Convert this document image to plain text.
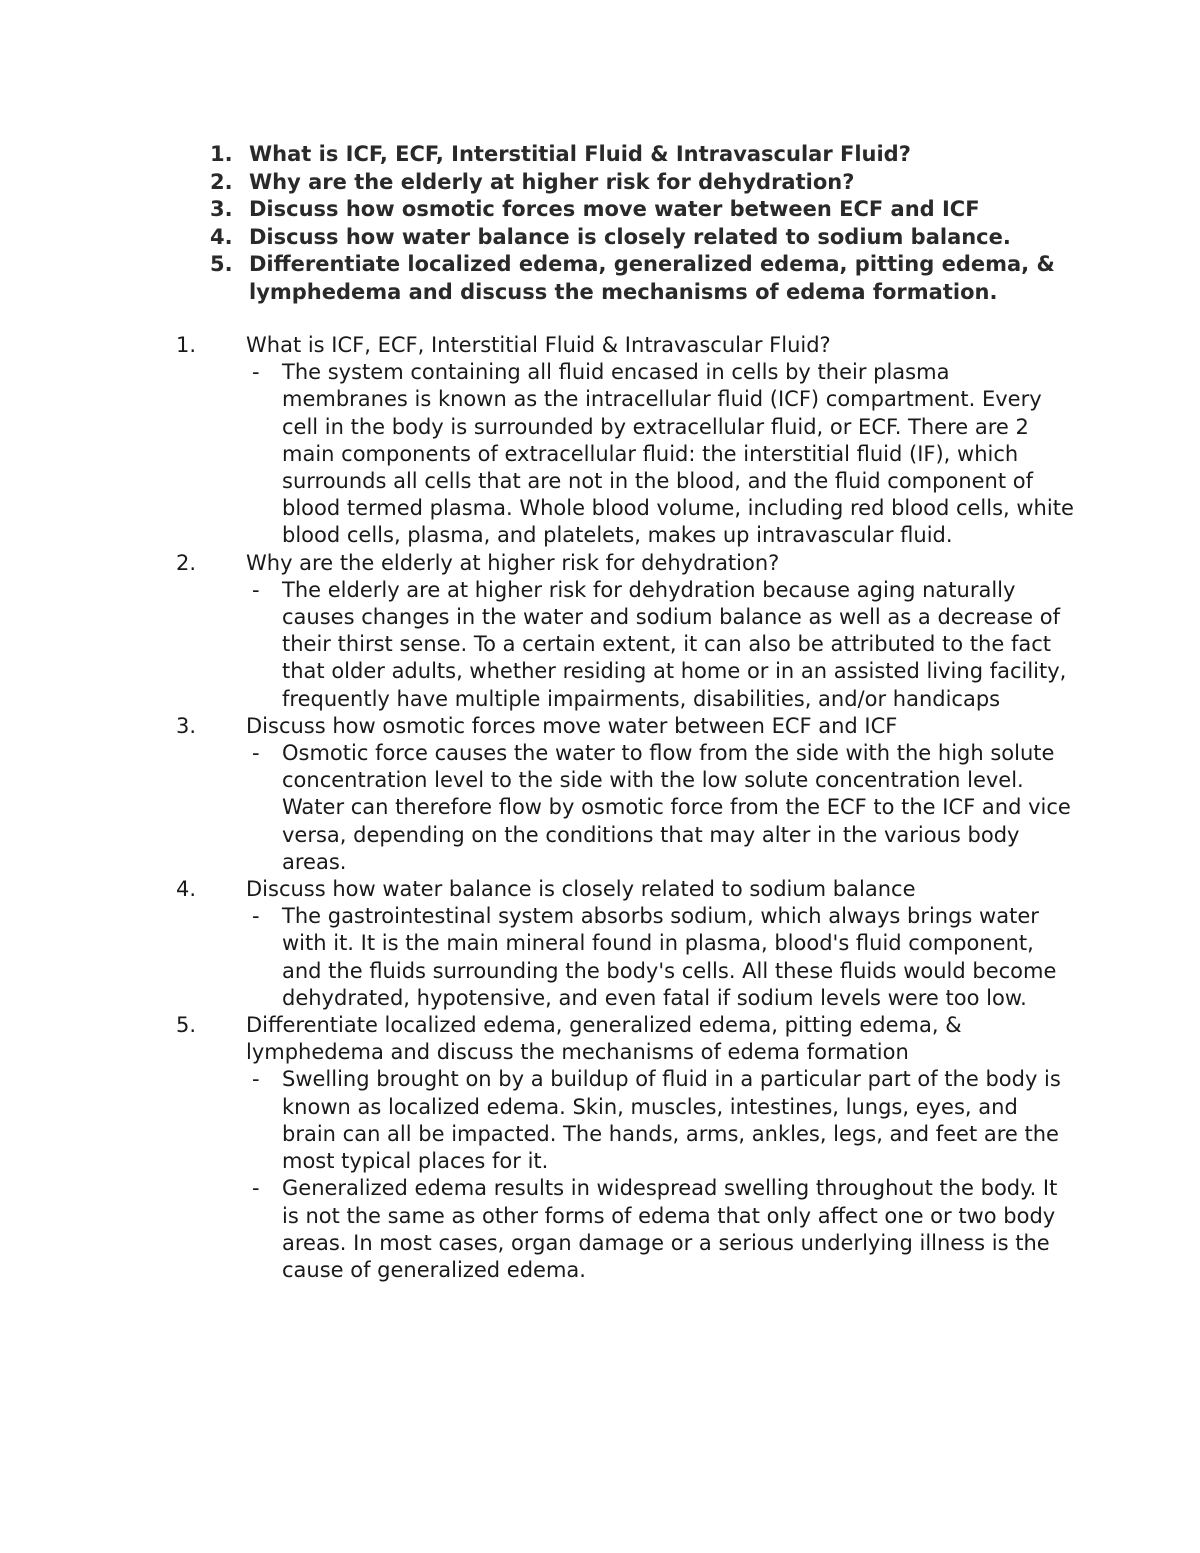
1. What is ICF, ECF, Interstitial Fluid & Intravascular Fluid?
2. Why are the elderly at higher risk for dehydration?
3. Discuss how osmotic forces move water between ECF and ICF
4. Discuss how water balance is closely related to sodium balance.
5. Differentiate localized edema, generalized edema, pitting edema, & lymphedema and discuss the mechanisms of edema formation.
1.	What is ICF, ECF, Interstitial Fluid & Intravascular Fluid?
-	The system containing all fluid encased in cells by their plasma membranes is known as the intracellular fluid (ICF) compartment. Every cell in the body is surrounded by extracellular fluid, or ECF. There are 2 main components of extracellular fluid: the interstitial fluid (IF), which surrounds all cells that are not in the blood, and the fluid component of blood termed plasma. Whole blood volume, including red blood cells, white blood cells, plasma, and platelets, makes up intravascular fluid.
2.	Why are the elderly at higher risk for dehydration?
-	The elderly are at higher risk for dehydration because aging naturally causes changes in the water and sodium balance as well as a decrease of their thirst sense. To a certain extent, it can also be attributed to the fact that older adults, whether residing at home or in an assisted living facility, frequently have multiple impairments, disabilities, and/or handicaps
3.	Discuss how osmotic forces move water between ECF and ICF
-	Osmotic force causes the water to flow from the side with the high solute concentration level to the side with the low solute concentration level. Water can therefore flow by osmotic force from the ECF to the ICF and vice versa, depending on the conditions that may alter in the various body areas.
4.	Discuss how water balance is closely related to sodium balance
-	The gastrointestinal system absorbs sodium, which always brings water with it. It is the main mineral found in plasma, blood's fluid component, and the fluids surrounding the body's cells. All these fluids would become dehydrated, hypotensive, and even fatal if sodium levels were too low.
5.	Differentiate localized edema, generalized edema, pitting edema, & lymphedema and discuss the mechanisms of edema formation
-	Swelling brought on by a buildup of fluid in a particular part of the body is known as localized edema. Skin, muscles, intestines, lungs, eyes, and brain can all be impacted. The hands, arms, ankles, legs, and feet are the most typical places for it.
-	Generalized edema results in widespread swelling throughout the body. It is not the same as other forms of edema that only affect one or two body areas. In most cases, organ damage or a serious underlying illness is the cause of generalized edema.
